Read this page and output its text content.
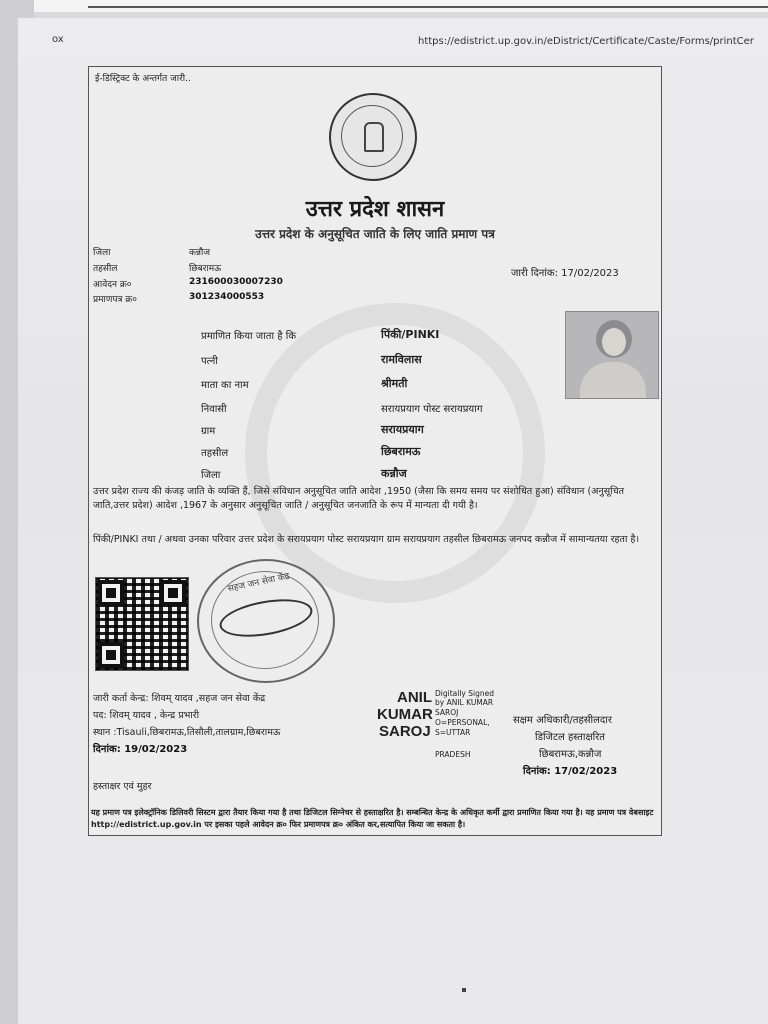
ox	https://edistrict.up.gov.in/eDistrict/Certificate/Caste/Forms/printCer
ई-डिस्ट्रिक्ट के अन्तर्गत जारी..
उत्तर प्रदेश शासन
उत्तर प्रदेश के अनुसूचित जाति के लिए जाति प्रमाण पत्र
जिला	कन्नौज
तहसील	छिबरामऊ
आवेदन क्र०	231600030007230
प्रमाणपत्र क्र०	301234000553
जारी दिनांक: 17/02/2023
प्रमाणित किया जाता है कि	पिंकी/PINKI
पत्नी	रामविलास
माता का नाम	श्रीमती
निवासी	सरायप्रयाग पोस्ट सरायप्रयाग
ग्राम	सरायप्रयाग
तहसील	छिबरामऊ
जिला	कन्नौज
उत्तर प्रदेश राज्य की कंजड़ जाति के व्यक्ति हैं, जिसे संविधान अनुसूचित जाति आदेश ,1950 (जैसा कि समय समय पर संशोधित हुआ) संविधान (अनुसूचित जाति,उत्तर प्रदेश) आदेश ,1967 के अनुसार अनुसूचित जाति / अनुसूचित जनजाति के रूप में मान्यता दी गयी है।
पिंकी/PINKI तथा / अथवा उनका परिवार उत्तर प्रदेश के सरायप्रयाग पोस्ट सरायप्रयाग ग्राम सरायप्रयाग तहसील छिबरामऊ जनपद कन्नौज में सामान्यतया रहता है।
सहज जन सेवा केंद्र
जारी कर्ता केन्द्र: शिवम् यादव ,सहज जन सेवा केंद्र
पद: शिवम् यादव , केन्द्र प्रभारी
स्थान :Tisauli,छिबरामऊ,तिसौली,तालग्राम,छिबरामऊ
दिनांक: 19/02/2023
ANIL
KUMAR
SAROJ
Digitally Signed
by ANIL KUMAR
SAROJ
O=PERSONAL,
S=UTTAR
PRADESH
सक्षम अधिकारी/तहसीलदार
डिजिटल हस्ताक्षरित
छिबरामऊ,कन्नौज
दिनांक: 17/02/2023
हस्ताक्षर एवं मुहर
यह प्रमाण पत्र इलेक्ट्रॉनिक डिलिवरी सिस्टम द्वारा तैयार किया गया है तथा डिजिटल सिग्नेचर से हस्ताक्षरित है। सम्बन्धित केन्द्र के अधिकृत कर्मी द्वारा प्रमाणित किया गया है। यह प्रमाण पत्र वेबसाइट http://edistrict.up.gov.in पर इसका पहले आवेदन क्र० फिर प्रमाणपत्र क्र० अंकित कर,सत्यापित किया जा सकता है।
